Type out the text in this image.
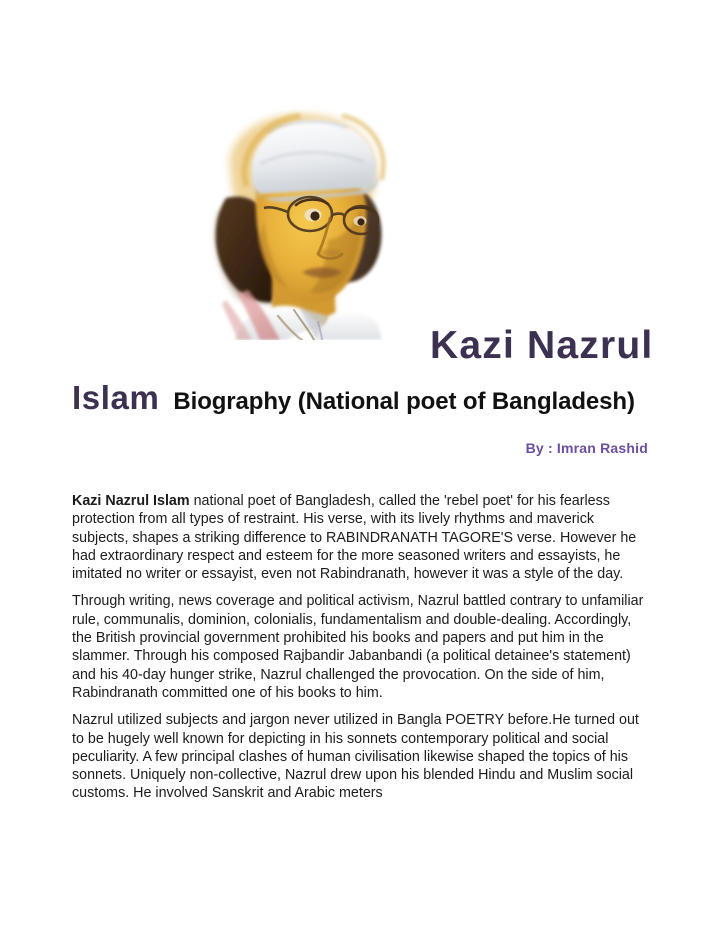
Kazi Nazrul
Islam Biography (National poet of Bangladesh)
By : Imran Rashid

Kazi Nazrul Islam national poet of Bangladesh, called the 'rebel poet' for his fearless protection from all types of restraint. His verse, with its lively rhythms and maverick subjects, shapes a striking difference to RABINDRANATH TAGORE'S verse. However he had extraordinary respect and esteem for the more seasoned writers and essayists, he imitated no writer or essayist, even not Rabindranath, however it was a style of the day.

Through writing, news coverage and political activism, Nazrul battled contrary to unfamiliar rule, communalis, dominion, colonialis, fundamentalism and double-dealing. Accordingly, the British provincial government prohibited his books and papers and put him in the slammer. Through his composed Rajbandir Jabanbandi (a political detainee's statement) and his 40-day hunger strike, Nazrul challenged the provocation. On the side of him, Rabindranath committed one of his books to him.

Nazrul utilized subjects and jargon never utilized in Bangla POETRY before.He turned out to be hugely well known for depicting in his sonnets contemporary political and social peculiarity. A few principal clashes of human civilisation likewise shaped the topics of his sonnets. Uniquely non-collective, Nazrul drew upon his blended Hindu and Muslim social customs. He involved Sanskrit and Arabic meters
